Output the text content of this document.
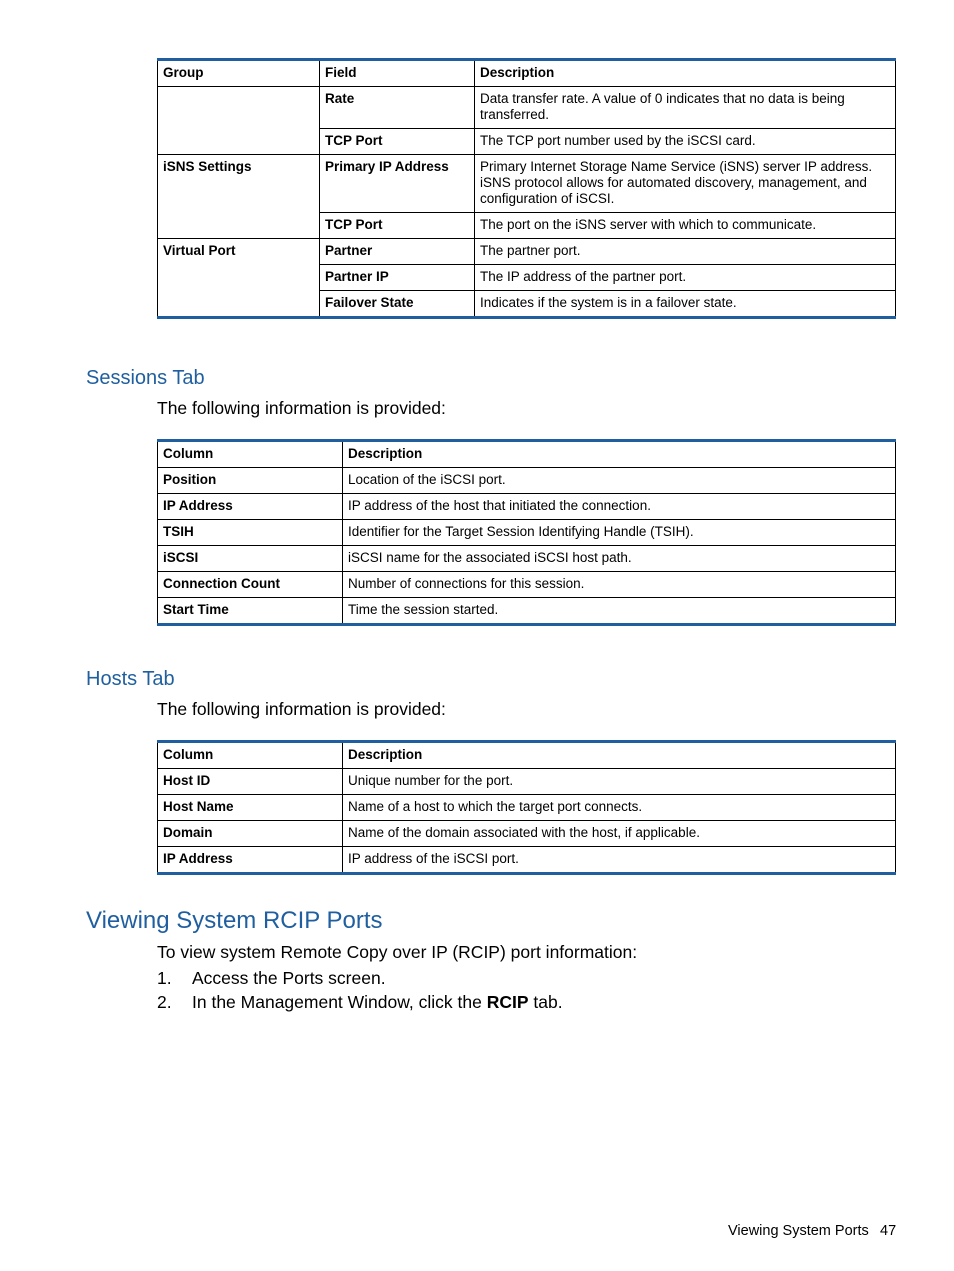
Group	Field	Description
	Rate	Data transfer rate. A value of 0 indicates that no data is being transferred.
	TCP Port	The TCP port number used by the iSCSI card.
iSNS Settings	Primary IP Address	Primary Internet Storage Name Service (iSNS) server IP address. iSNS protocol allows for automated discovery, management, and configuration of iSCSI.
	TCP Port	The port on the iSNS server with which to communicate.
Virtual Port	Partner	The partner port.
	Partner IP	The IP address of the partner port.
	Failover State	Indicates if the system is in a failover state.
Sessions Tab

The following information is provided:

Column	Description
Position	Location of the iSCSI port.
IP Address	IP address of the host that initiated the connection.
TSIH	Identifier for the Target Session Identifying Handle (TSIH).
iSCSI	iSCSI name for the associated iSCSI host path.
Connection Count	Number of connections for this session.
Start Time	Time the session started.
Hosts Tab

The following information is provided:

Column	Description
Host ID	Unique number for the port.
Host Name	Name of a host to which the target port connects.
Domain	Name of the domain associated with the host, if applicable.
IP Address	IP address of the iSCSI port.
Viewing System RCIP Ports

To view system Remote Copy over IP (RCIP) port information:

1. Access the Ports screen.

2. In the Management Window, click the RCIP tab.

Viewing System Ports 47
